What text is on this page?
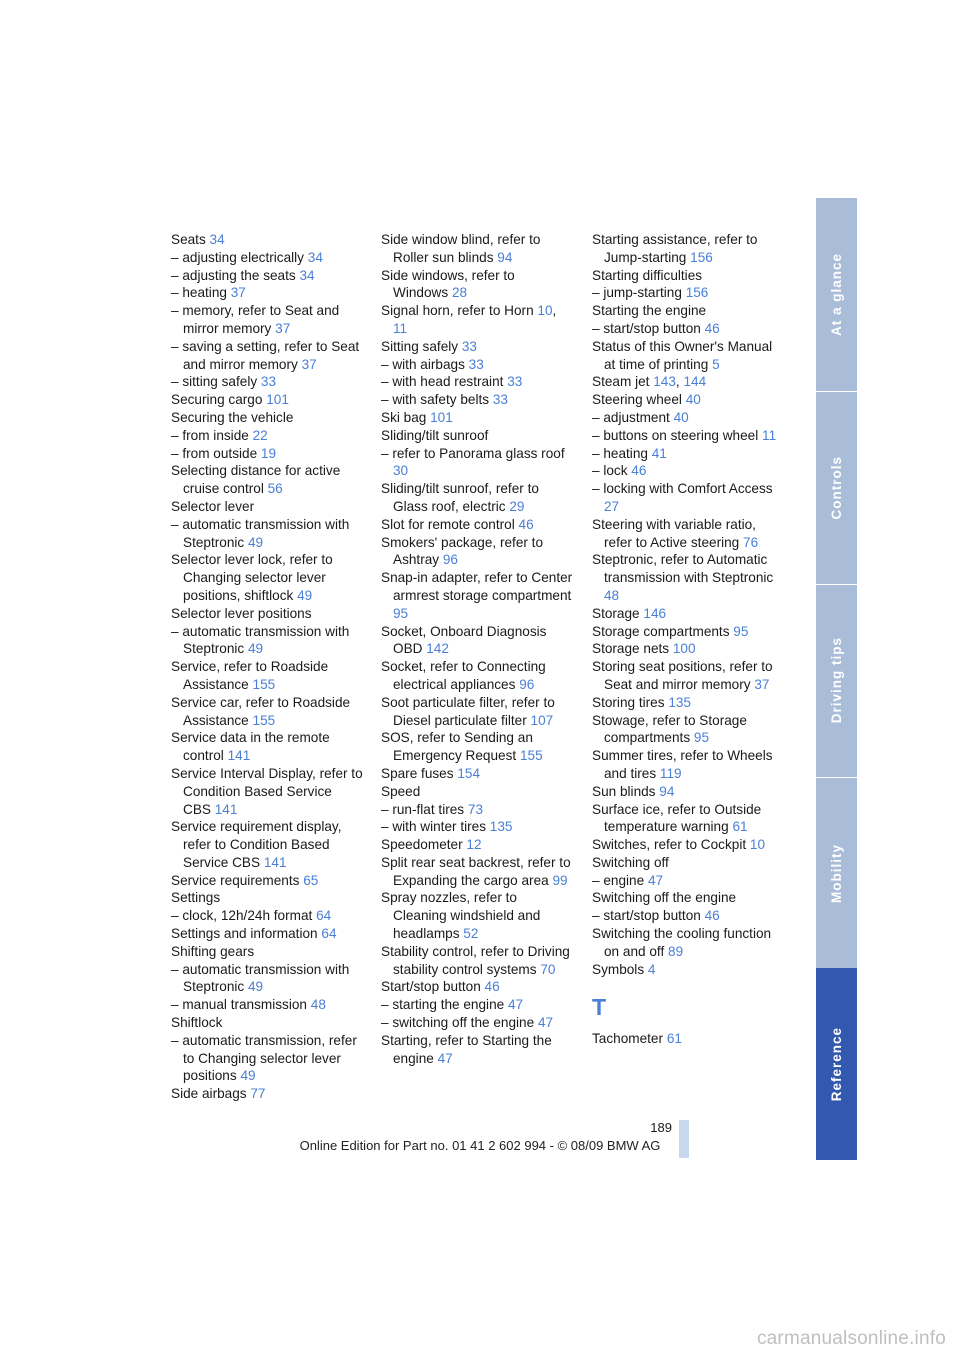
Seats 34
– adjusting electrically 34
– adjusting the seats 34
– heating 37
– memory, refer to Seat and mirror memory 37
– saving a setting, refer to Seat and mirror memory 37
– sitting safely 33
Securing cargo 101
Securing the vehicle
– from inside 22
– from outside 19
Selecting distance for active cruise control 56
Selector lever
– automatic transmission with Steptronic 49
Selector lever lock, refer to Changing selector lever positions, shiftlock 49
Selector lever positions
– automatic transmission with Steptronic 49
Service, refer to Roadside Assistance 155
Service car, refer to Roadside Assistance 155
Service data in the remote control 141
Service Interval Display, refer to Condition Based Service CBS 141
Service requirement display, refer to Condition Based Service CBS 141
Service requirements 65
Settings
– clock, 12h/24h format 64
Settings and information 64
Shifting gears
– automatic transmission with Steptronic 49
– manual transmission 48
Shiftlock
– automatic transmission, refer to Changing selector lever positions 49
Side airbags 77
Side window blind, refer to Roller sun blinds 94
Side windows, refer to Windows 28
Signal horn, refer to Horn 10, 11
Sitting safely 33
– with airbags 33
– with head restraint 33
– with safety belts 33
Ski bag 101
Sliding/tilt sunroof
– refer to Panorama glass roof 30
Sliding/tilt sunroof, refer to Glass roof, electric 29
Slot for remote control 46
Smokers' package, refer to Ashtray 96
Snap-in adapter, refer to Center armrest storage compartment 95
Socket, Onboard Diagnosis OBD 142
Socket, refer to Connecting electrical appliances 96
Soot particulate filter, refer to Diesel particulate filter 107
SOS, refer to Sending an Emergency Request 155
Spare fuses 154
Speed
– run-flat tires 73
– with winter tires 135
Speedometer 12
Split rear seat backrest, refer to Expanding the cargo area 99
Spray nozzles, refer to Cleaning windshield and headlamps 52
Stability control, refer to Driving stability control systems 70
Start/stop button 46
– starting the engine 47
– switching off the engine 47
Starting, refer to Starting the engine 47
Starting assistance, refer to Jump-starting 156
Starting difficulties
– jump-starting 156
Starting the engine
– start/stop button 46
Status of this Owner's Manual at time of printing 5
Steam jet 143, 144
Steering wheel 40
– adjustment 40
– buttons on steering wheel 11
– heating 41
– lock 46
– locking with Comfort Access 27
Steering with variable ratio, refer to Active steering 76
Steptronic, refer to Automatic transmission with Steptronic 48
Storage 146
Storage compartments 95
Storage nets 100
Storing seat positions, refer to Seat and mirror memory 37
Storing tires 135
Stowage, refer to Storage compartments 95
Summer tires, refer to Wheels and tires 119
Sun blinds 94
Surface ice, refer to Outside temperature warning 61
Switches, refer to Cockpit 10
Switching off
– engine 47
Switching off the engine
– start/stop button 46
Switching the cooling function on and off 89
Symbols 4
T
Tachometer 61
At a glance
Controls
Driving tips
Mobility
Reference
189
Online Edition for Part no. 01 41 2 602 994 - © 08/09 BMW AG
carmanualsonline.info
